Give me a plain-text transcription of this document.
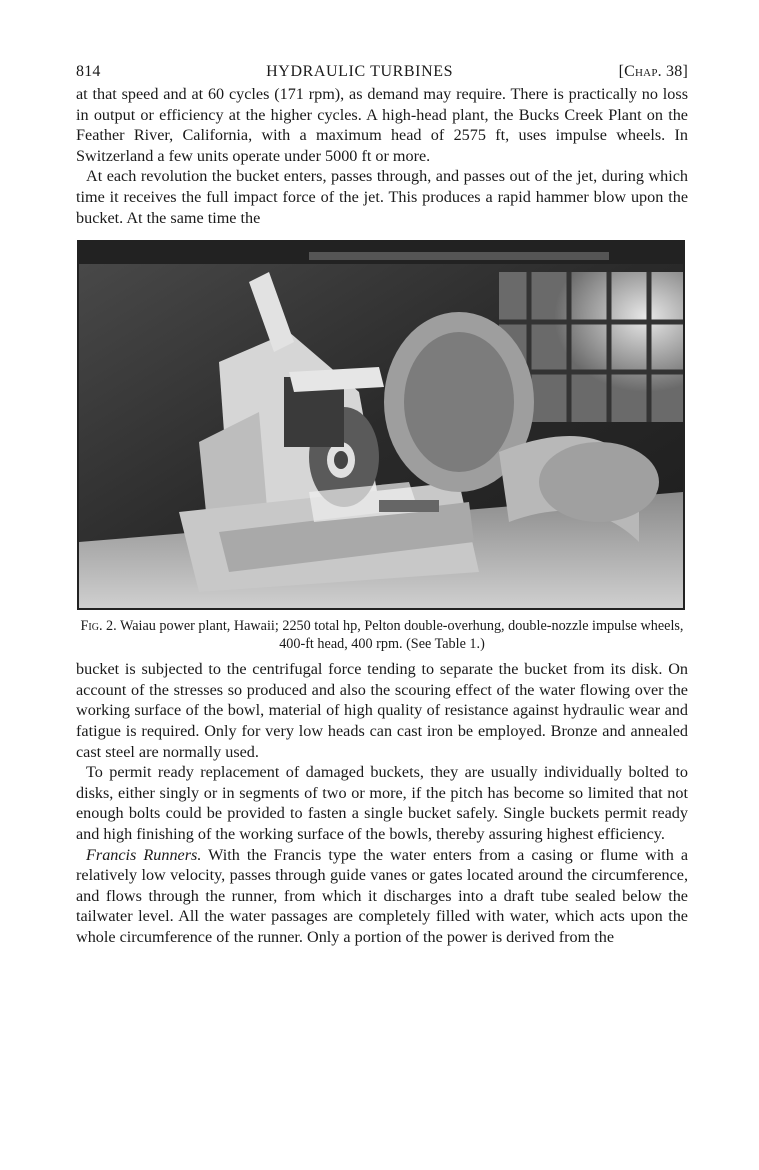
814	HYDRAULIC TURBINES	[Chap. 38]

at that speed and at 60 cycles (171 rpm), as demand may require. There is practically no loss in output or efficiency at the higher cycles. A high-head plant, the Bucks Creek Plant on the Feather River, California, with a maximum head of 2575 ft, uses impulse wheels. In Switzerland a few units operate under 5000 ft or more.

At each revolution the bucket enters, passes through, and passes out of the jet, during which time it receives the full impact force of the jet. This produces a rapid hammer blow upon the bucket. At the same time the

Fig. 2. Waiau power plant, Hawaii; 2250 total hp, Pelton double-overhung, double-nozzle impulse wheels, 400-ft head, 400 rpm. (See Table 1.)

bucket is subjected to the centrifugal force tending to separate the bucket from its disk. On account of the stresses so produced and also the scouring effect of the water flowing over the working surface of the bowl, material of high quality of resistance against hydraulic wear and fatigue is required. Only for very low heads can cast iron be employed. Bronze and annealed cast steel are normally used.

To permit ready replacement of damaged buckets, they are usually individually bolted to disks, either singly or in segments of two or more, if the pitch has become so limited that not enough bolts could be provided to fasten a single bucket safely. Single buckets permit ready and high finishing of the working surface of the bowls, thereby assuring highest efficiency.

Francis Runners. With the Francis type the water enters from a casing or flume with a relatively low velocity, passes through guide vanes or gates located around the circumference, and flows through the runner, from which it discharges into a draft tube sealed below the tailwater level. All the water passages are completely filled with water, which acts upon the whole circumference of the runner. Only a portion of the power is derived from the
